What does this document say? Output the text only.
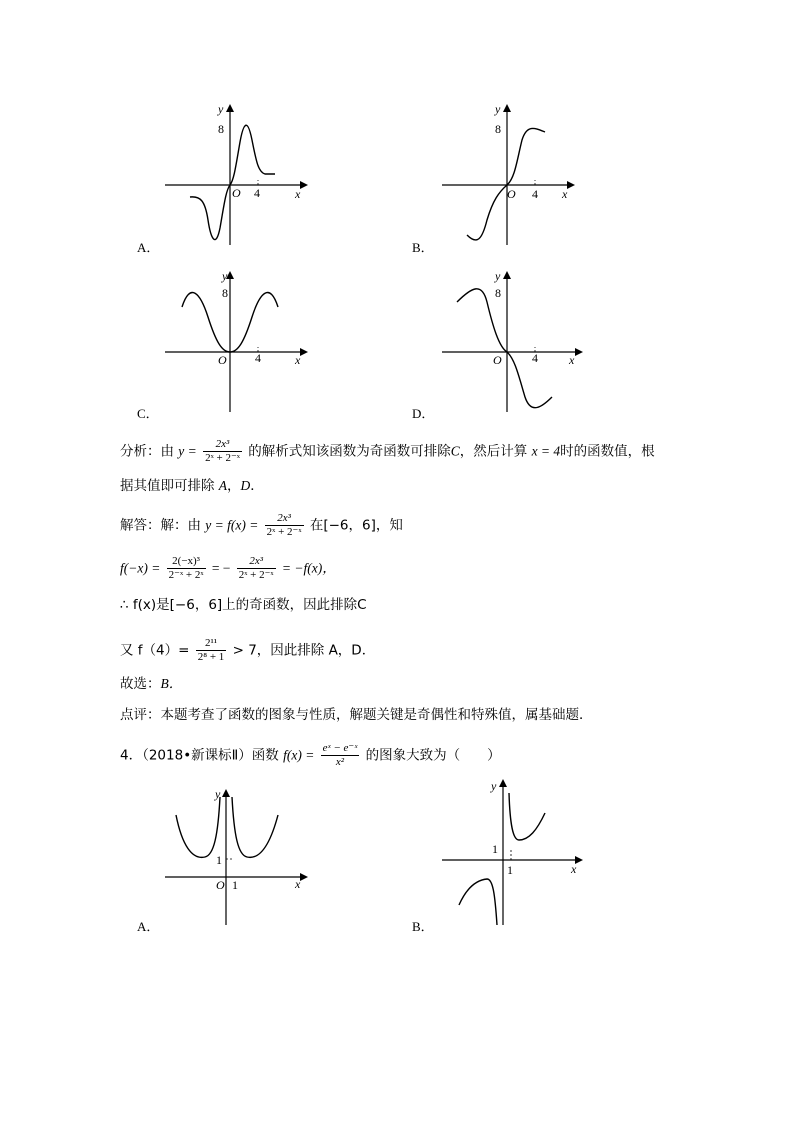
y
8
O 4	x
A．
y
8
O 4 x
B．
y
8
O 4	x
C．
y
8
O	4	x
D．
分析：由 $y = \frac{\text{2x³}}{\text{2ˣ + 2⁻ˣ}}$ 的解析式知该函数为奇函数可排除C，然后计算 x = 4时的函数值，根
据其值即可排除 A，D．
解答：解：由 $y = f(x) = \frac{\text{2x³}}{\text{2ˣ + 2⁻ˣ}}$ 在[−6，6]，知
$f(-x) = \frac{\text{2(−x)³}}{\text{2⁻ˣ + 2ˣ}}$ = − $\frac{\text{2x³}}{\text{2ˣ + 2⁻ˣ}} = -f(x)$，
∴ f(x)是[−6，6]上的奇函数，因此排除C
又 $f(4)= \frac{\text{2¹¹}}{\text{2⁸ + 1}} > 7$，因此排除 A，D．
故选：B．
点评：本题考查了函数的图象与性质，解题关键是奇偶性和特殊值，属基础题．
4．（2018•新课标Ⅱ）函数 $f(x) = \frac{\text{eˣ − e⁻ˣ}}{\text{x²}}$ 的图象大致为（　　）
y
1
O 1	x
A．
y
1
1	x
B．
